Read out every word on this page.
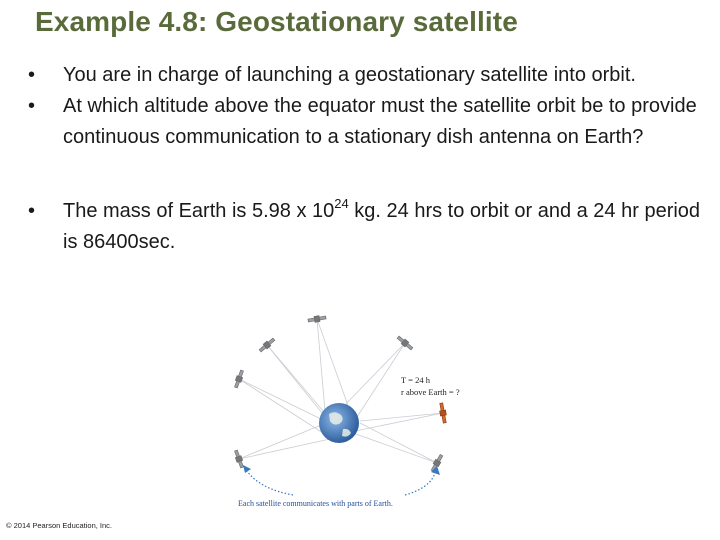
Example 4.8: Geostationary satellite
• You are in charge of launching a geostationary satellite into orbit.
• At which altitude above the equator must the satellite orbit be to provide continuous communication to a stationary dish antenna on Earth?
• The mass of Earth is 5.98 x $10^{24}$ kg. 24 hrs to orbit or and a 24 hr period is 86400sec.
T = 24 h
r above Earth = ?
Each satellite communicates with parts of Earth.
© 2014 Pearson Education, Inc.
